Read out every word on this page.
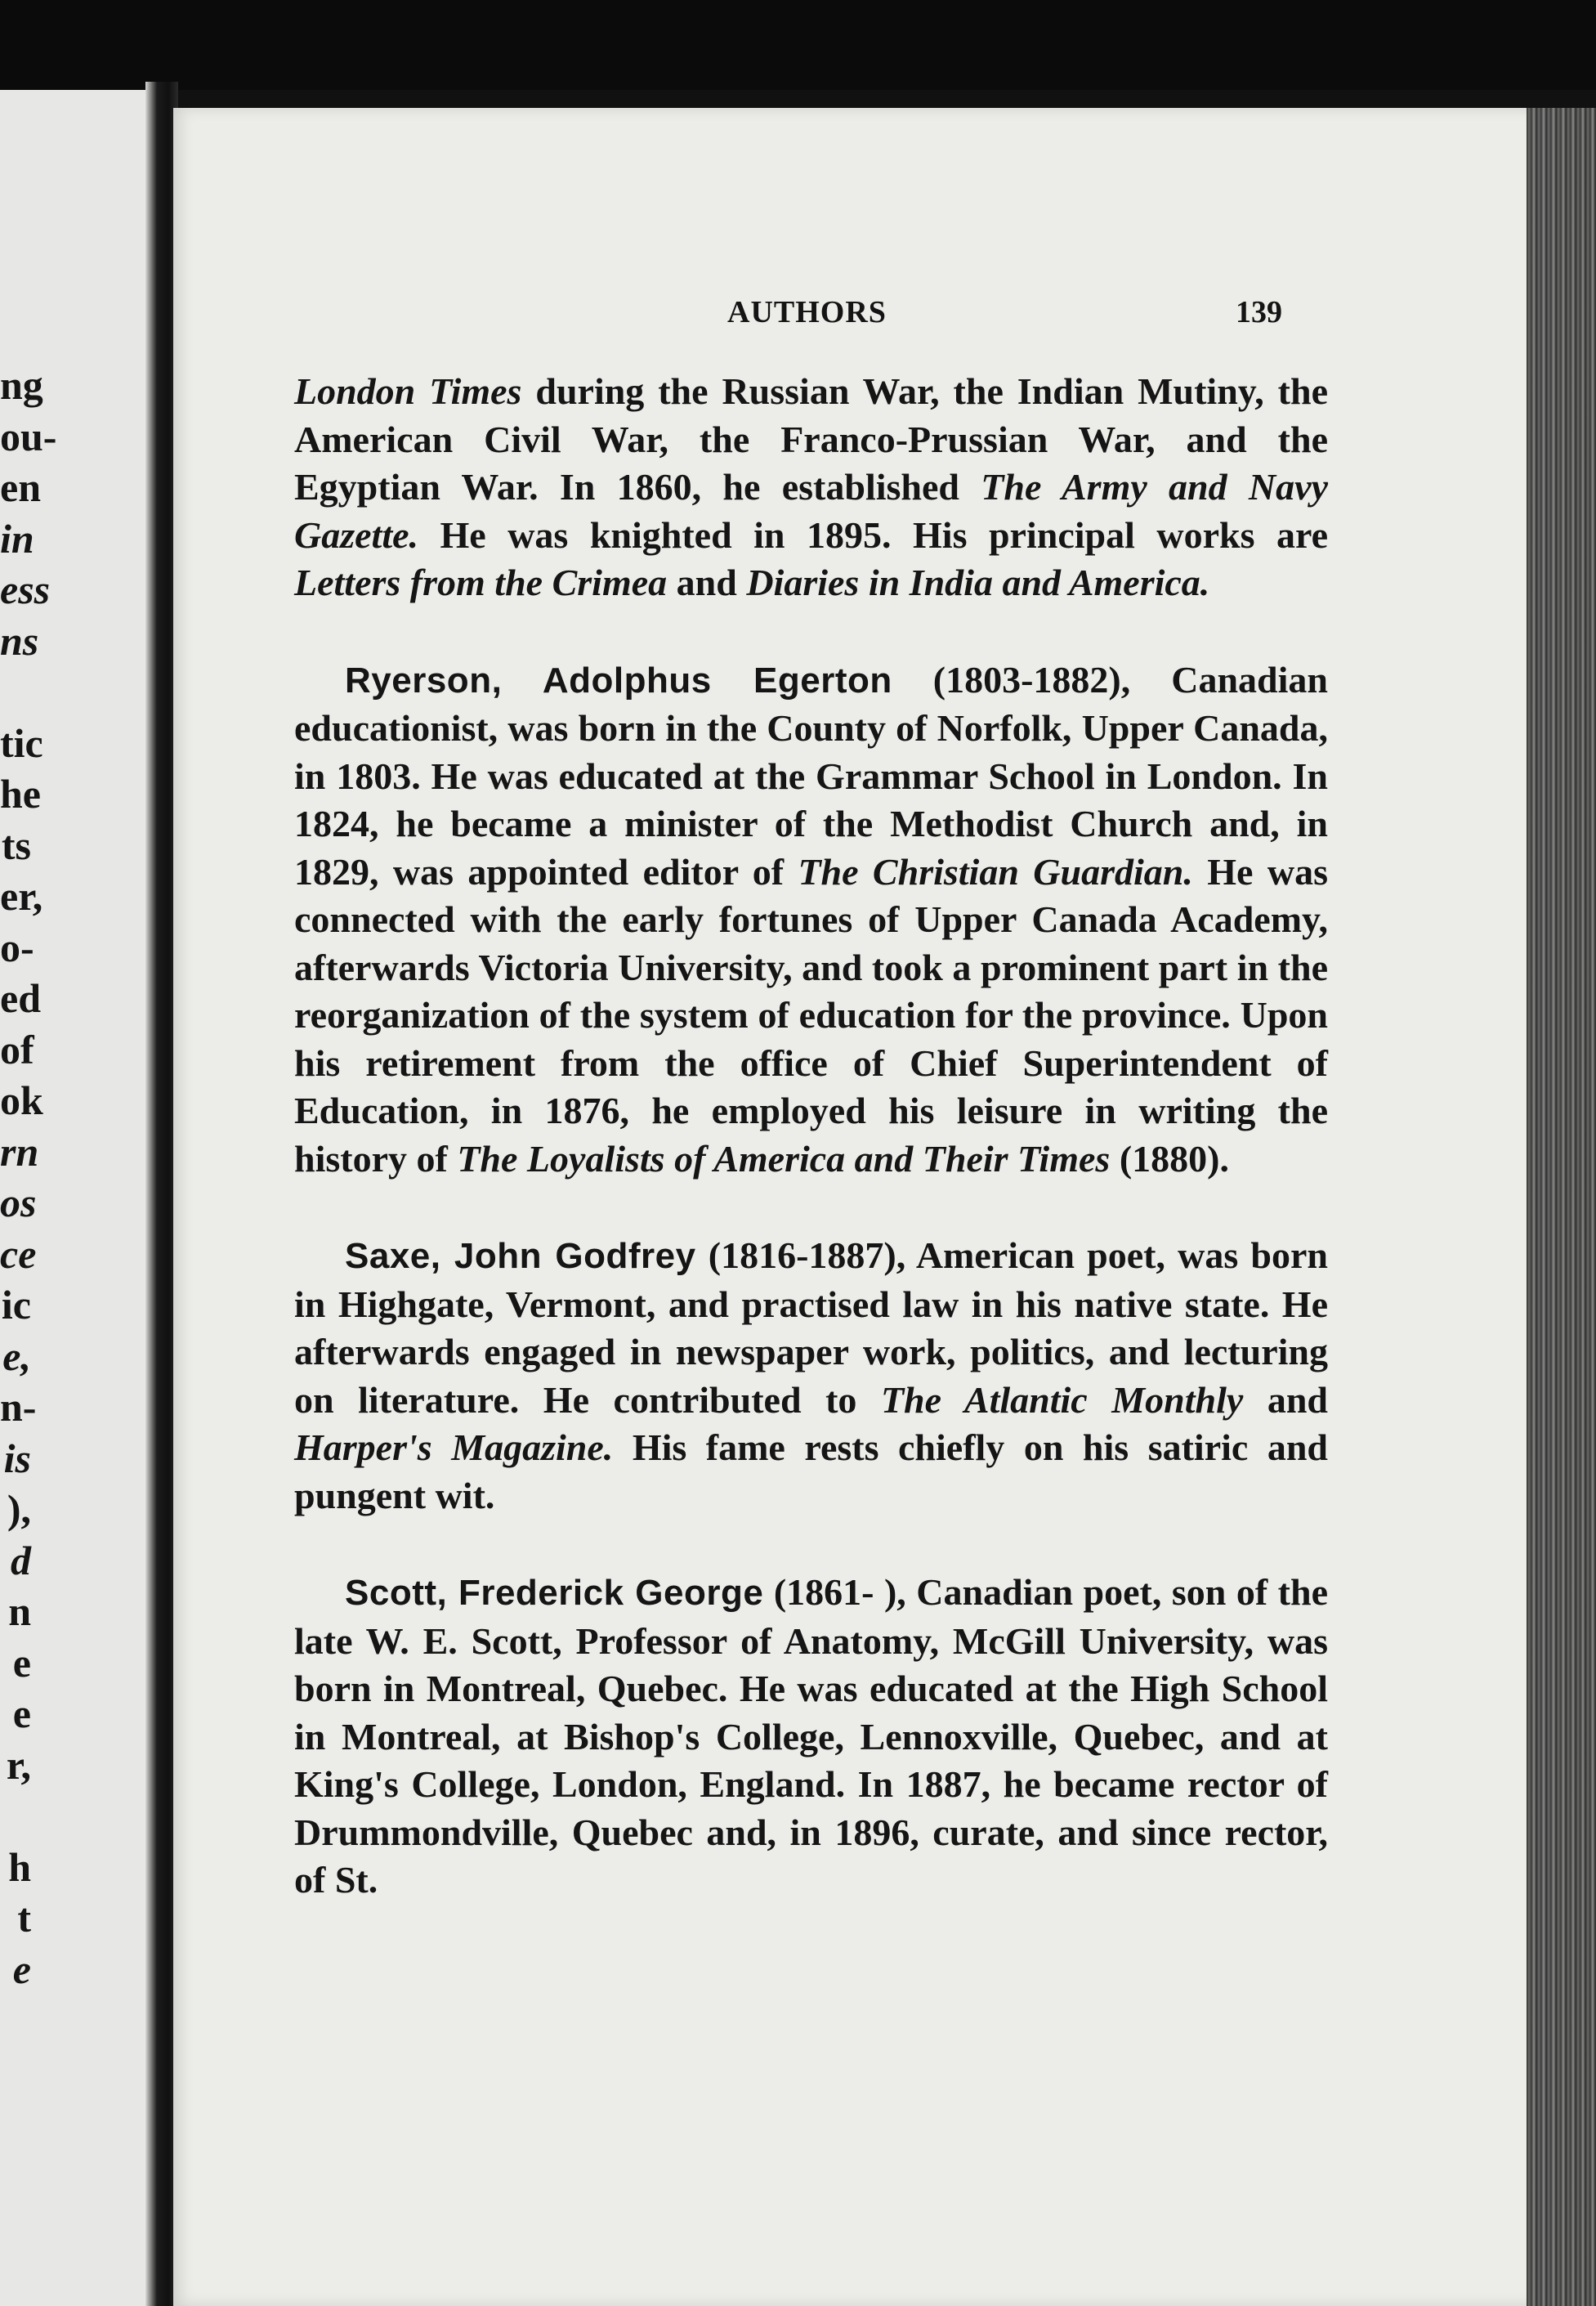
ng
ou-
en
in
ess
ns
tic
he
ts
er,
o-
ed
of
ok
rn
os
ce
ic
e,
n-
is
),
d
n
e
e
r,
h
t
e
AUTHORS	139

London Times during the Russian War, the Indian Mutiny, the American Civil War, the Franco-Prussian War, and the Egyptian War. In 1860, he established The Army and Navy Gazette. He was knighted in 1895. His principal works are Letters from the Crimea and Diaries in India and America.

Ryerson, Adolphus Egerton (1803-1882), Canadian educationist, was born in the County of Norfolk, Upper Canada, in 1803. He was educated at the Grammar School in London. In 1824, he became a minister of the Methodist Church and, in 1829, was appointed editor of The Christian Guardian. He was connected with the early fortunes of Upper Canada Academy, afterwards Victoria University, and took a prominent part in the reorganization of the system of education for the province. Upon his retirement from the office of Chief Superintendent of Education, in 1876, he employed his leisure in writing the history of The Loyalists of America and Their Times (1880).

Saxe, John Godfrey (1816-1887), American poet, was born in Highgate, Vermont, and practised law in his native state. He afterwards engaged in newspaper work, politics, and lecturing on literature. He contributed to The Atlantic Monthly and Harper's Magazine. His fame rests chiefly on his satiric and pungent wit.

Scott, Frederick George (1861- ), Canadian poet, son of the late W. E. Scott, Professor of Anatomy, McGill University, was born in Montreal, Quebec. He was educated at the High School in Montreal, at Bishop's College, Lennoxville, Quebec, and at King's College, London, England. In 1887, he became rector of Drummondville, Quebec and, in 1896, curate, and since rector, of St.
